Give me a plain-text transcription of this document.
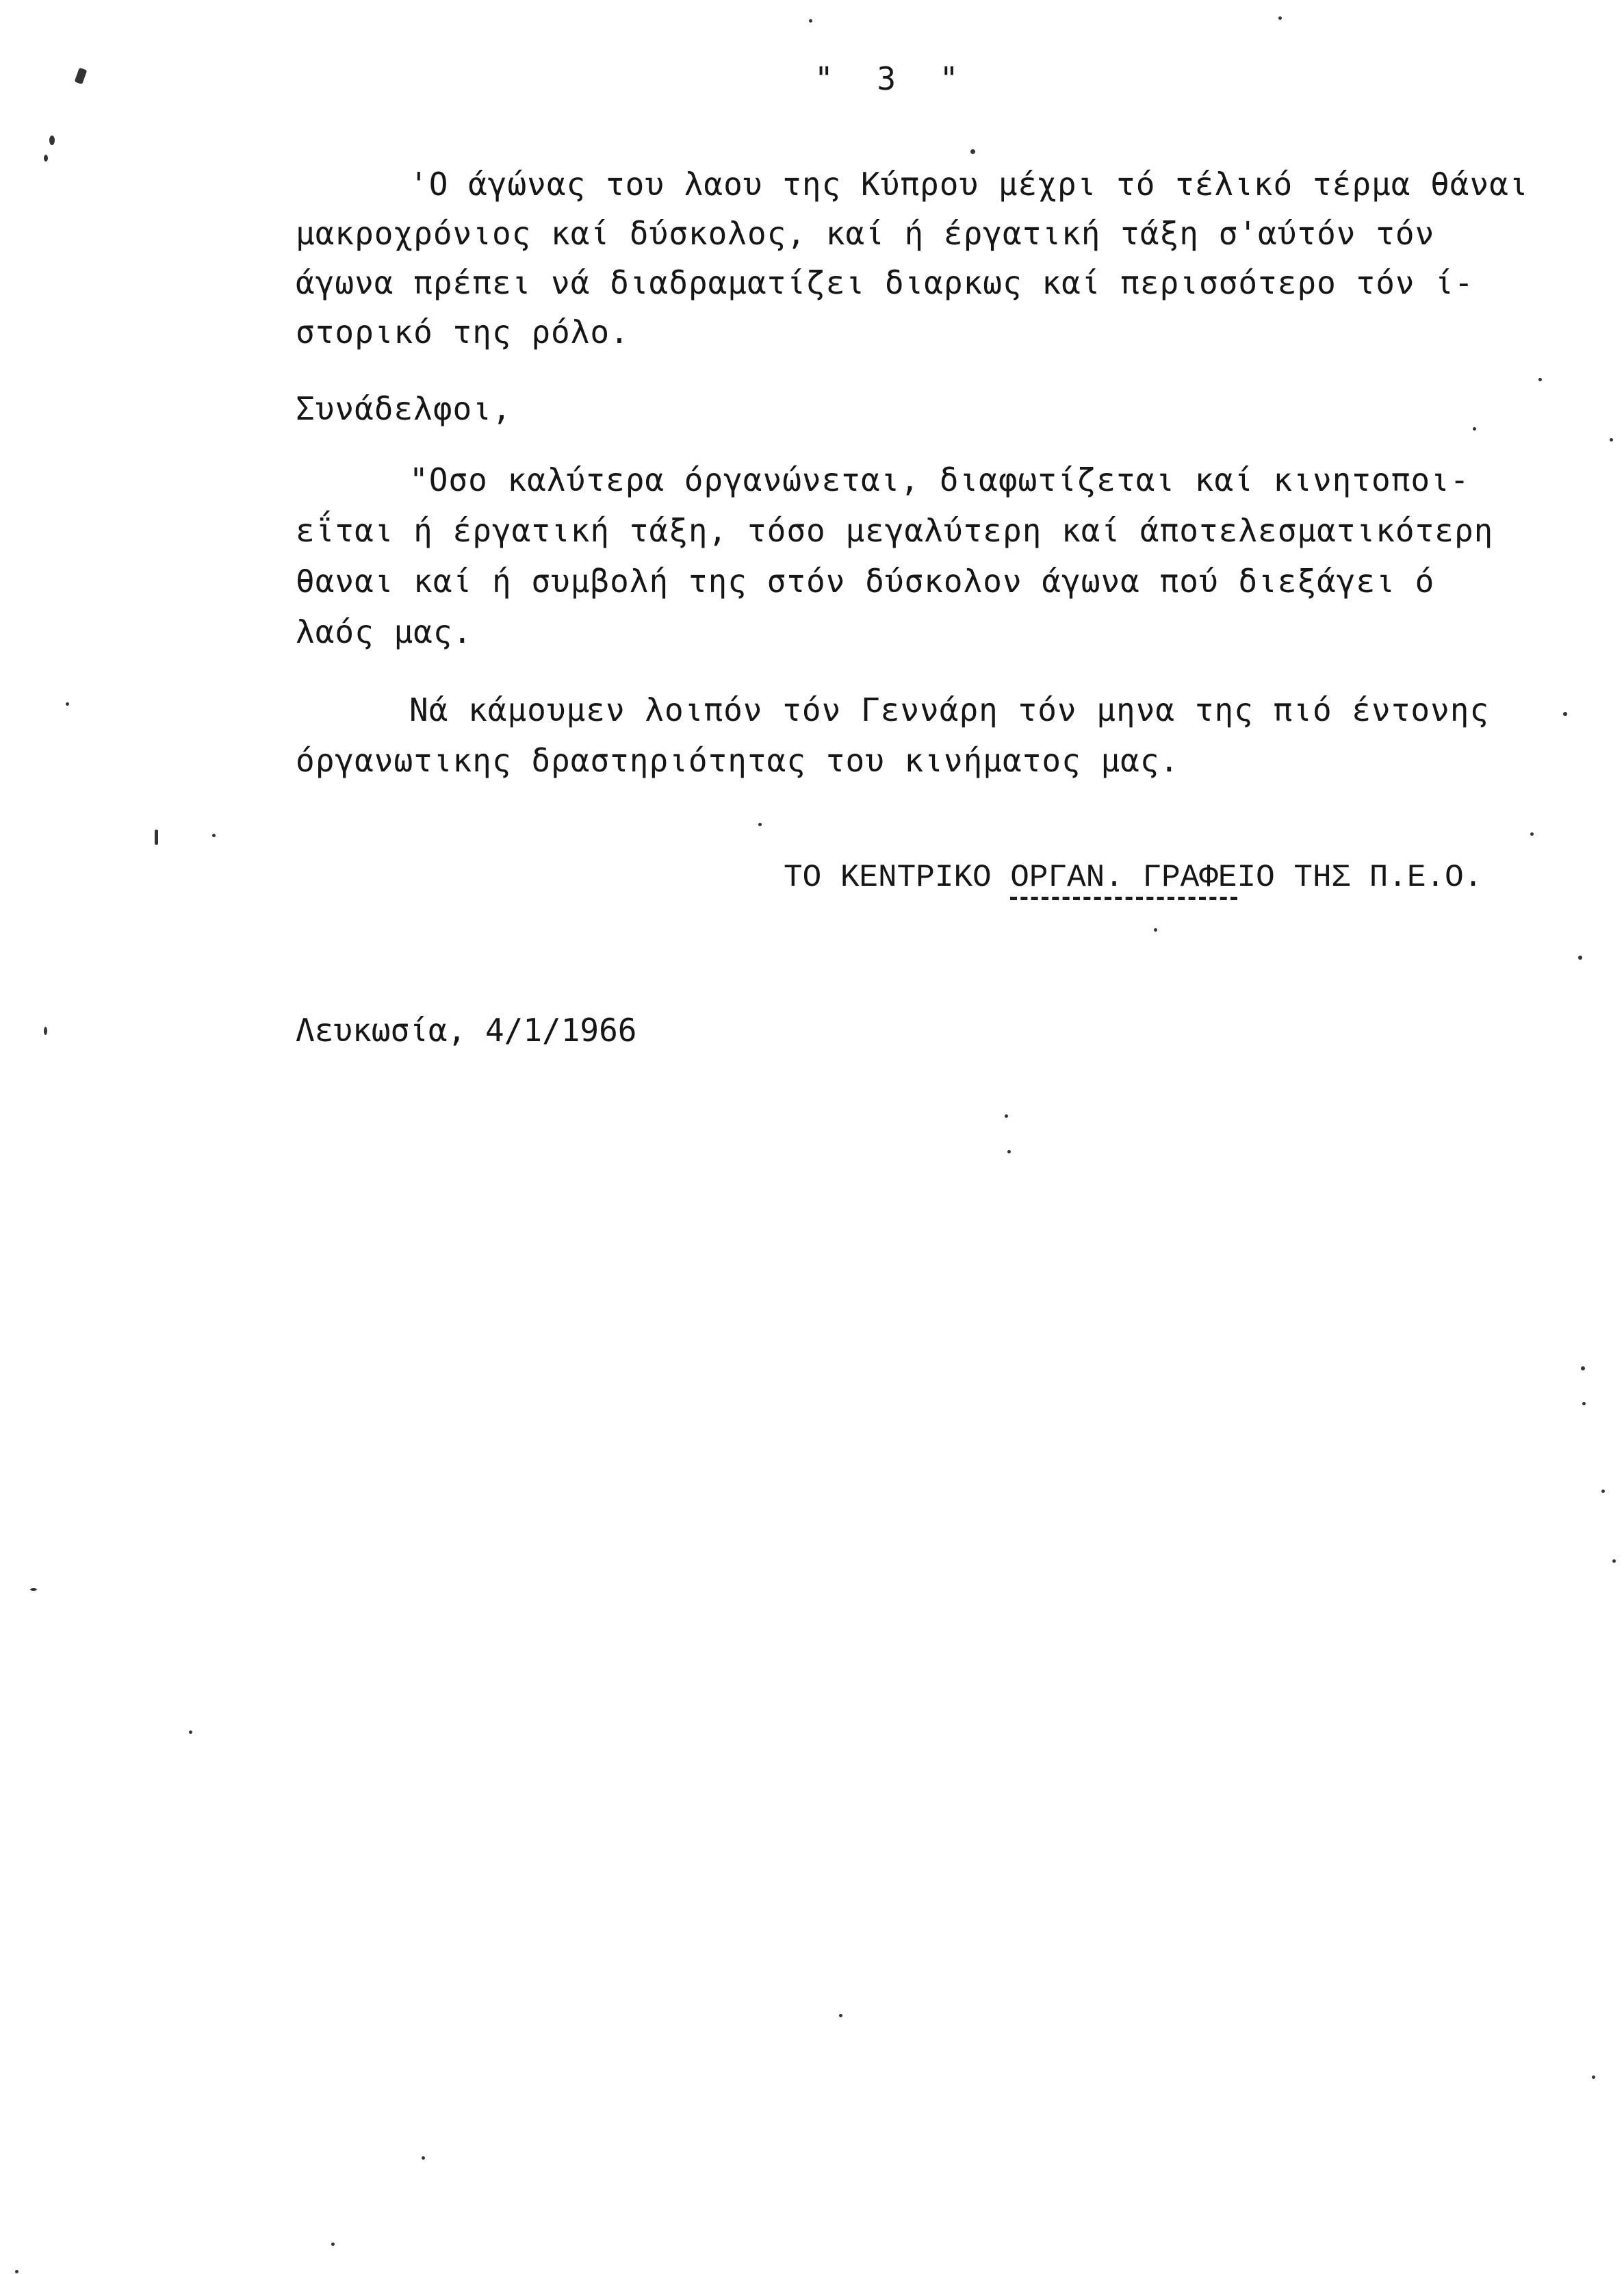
" 3 "
'Ο άγώνας του λαου της Κύπρου μέχρι τό τέλικό τέρμα θάναι
μακροχρόνιος καί δύσκολος, καί ή έργατική τάξη σ'αύτόν τόν
άγωνα πρέπει νά διαδραματίζει διαρκως καί περισσότερο τόν ί-
στορικό της ρόλο.
Συνάδελφοι,
"Οσο καλύτερα όργανώνεται, διαφωτίζεται καί κινητοποι-
εΐται ή έργατική τάξη, τόσο μεγαλύτερη καί άποτελεσματικότερη
θαναι καί ή συμβολή της στόν δύσκολον άγωνα πού διεξάγει ό
λαός μας.
Νά κάμουμεν λοιπόν τόν Γεννάρη τόν μηνα της πιό έντονης
όργανωτικης δραστηριότητας του κινήματος μας.
ΤΟ ΚΕΝΤΡΙΚΟ ΟΡΓΑΝ. ΓΡΑΦΕΙΟ ΤΗΣ Π.Ε.Ο.
Λευκωσία, 4/1/1966
